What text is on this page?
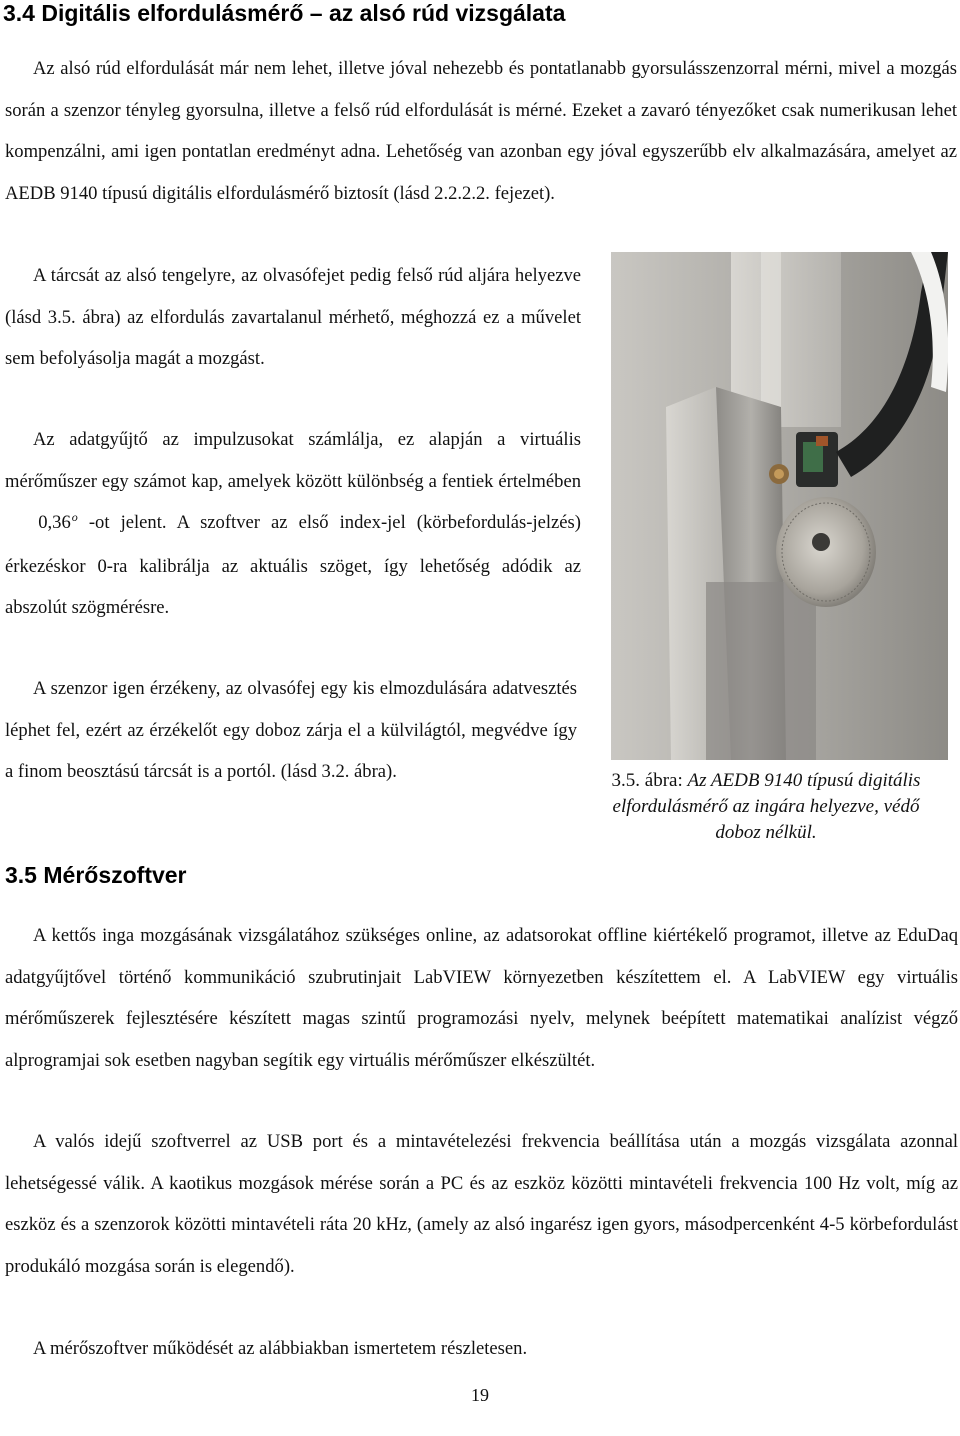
3.4 Digitális elfordulásmérő – az alsó rúd vizsgálata

Az alsó rúd elfordulását már nem lehet, illetve jóval nehezebb és pontatlanabb gyorsulásszenzorral mérni, mivel a mozgás során a szenzor tényleg gyorsulna, illetve a felső rúd elfordulását is mérné. Ezeket a zavaró tényezőket csak numerikusan lehet kompenzálni, ami igen pontatlan eredményt adna. Lehetőség van azonban egy jóval egyszerűbb elv alkalmazására, amelyet az AEDB 9140 típusú digitális elfordulásmérő biztosít (lásd 2.2.2.2. fejezet).

A tárcsát az alsó tengelyre, az olvasófejet pedig felső rúd aljára helyezve (lásd 3.5. ábra) az elfordulás zavartalanul mérhető, méghozzá ez a művelet sem befolyásolja magát a mozgást.

Az adatgyűjtő az impulzusokat számlálja, ez alapján a virtuális mérőműszer egy számot kap, amelyek között különbség a fentiek értelmében    0,36$^o$ -ot jelent. A szoftver az első index-jel (körbefordulás-jelzés) érkezéskor 0-ra kalibrálja az aktuális szöget, így lehetőség adódik az abszolút szögmérésre.

A szenzor igen érzékeny, az olvasófej egy kis elmozdulására adatvesztés léphet fel, ezért az érzékelőt egy doboz zárja el a külvilágtól, megvédve így a finom beosztású tárcsát is a portól. (lásd 3.2. ábra).	3.5. ábra: Az AEDB 9140 típusú digitális elfordulásmérő az ingára helyezve, védő doboz nélkül.
3.5 Mérőszoftver

A kettős inga mozgásának vizsgálatához szükséges online, az adatsorokat offline kiértékelő programot, illetve az EduDaq adatgyűjtővel történő kommunikáció szubrutinjait LabVIEW környezetben készítettem el. A LabVIEW egy virtuális mérőműszerek fejlesztésére készített magas szintű programozási nyelv, melynek beépített matematikai analízist végző alprogramjai sok esetben nagyban segítik egy virtuális mérőműszer elkészültét.

A valós idejű szoftverrel az USB port és a mintavételezési frekvencia beállítása után a mozgás vizsgálata azonnal lehetségessé válik. A kaotikus mozgások mérése során a PC és az eszköz közötti mintavételi frekvencia 100 Hz volt, míg az eszköz és a szenzorok közötti mintavételi ráta 20 kHz, (amely az alsó ingarész igen gyors, másodpercenként 4-5 körbefordulást produkáló mozgása során is elegendő).

A mérőszoftver működését az alábbiakban ismertetem részletesen.

19
